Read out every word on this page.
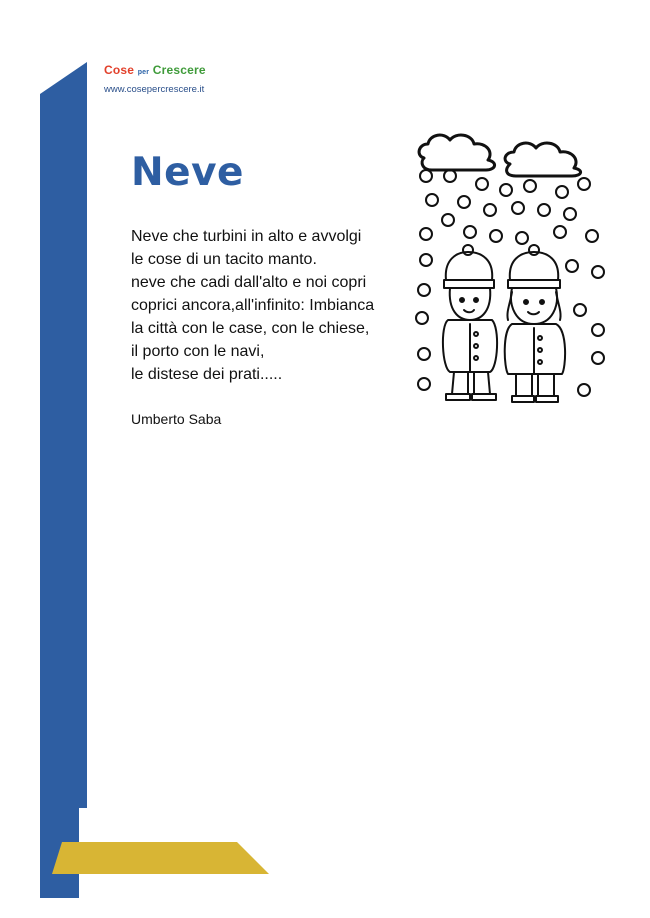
Cose per Crescere
www.cosepercrescere.it
Neve
Neve che turbini in alto e avvolgi
le cose di un tacito manto.
neve che cadi dall'alto e noi copri
coprici ancora,all'infinito: Imbianca
la città con le case, con le chiese,
il porto con le navi,
le distese dei prati.....
Umberto Saba
